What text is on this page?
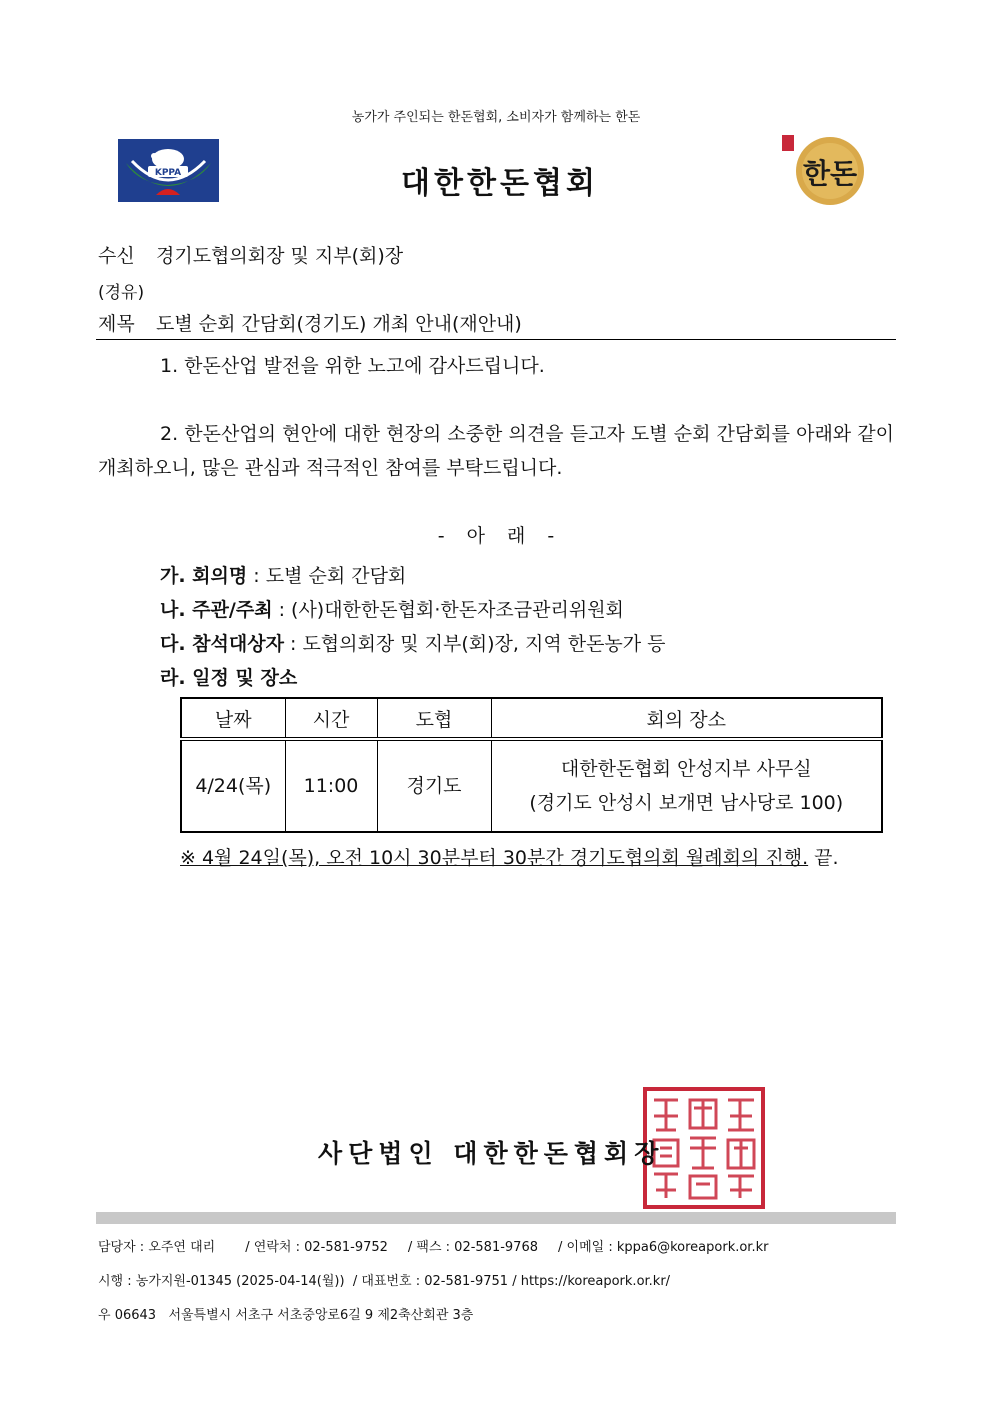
농가가 주인되는 한돈협회, 소비자가 함께하는 한돈
KPPA	대한한돈협회	한돈
수신 경기도협의회장 및 지부(회)장
(경유)
제목 도별 순회 간담회(경기도) 개최 안내(재안내)
1. 한돈산업 발전을 위한 노고에 감사드립니다.
2. 한돈산업의 현안에 대한 현장의 소중한 의견을 듣고자 도별 순회 간담회를 아래와 같이 개최하오니, 많은 관심과 적극적인 참여를 부탁드립니다.
- 아 래 -
가. 회의명 : 도별 순회 간담회
나. 주관/주최 : (사)대한한돈협회·한돈자조금관리위원회
다. 참석대상자 : 도협의회장 및 지부(회)장, 지역 한돈농가 등
라. 일정 및 장소
날짜	시간	도협	회의 장소
4/24(목)	11:00	경기도	대한한돈협회 안성지부 사무실
(경기도 안성시 보개면 남사당로 100)
※ 4월 24일(목), 오전 10시 30분부터 30분간 경기도협의회 월례회의 진행. 끝.
사단법인 대한한돈협회장
담당자 : 오주연 대리 / 연락처 : 02-581-9752 / 팩스 : 02-581-9768 / 이메일 : kppa6@koreapork.or.kr
시행 : 농가지원-01345 (2025-04-14(월)) / 대표번호 : 02-581-9751 / https://koreapork.or.kr/
우 06643   서울특별시 서초구 서초중앙로6길 9 제2축산회관 3층
